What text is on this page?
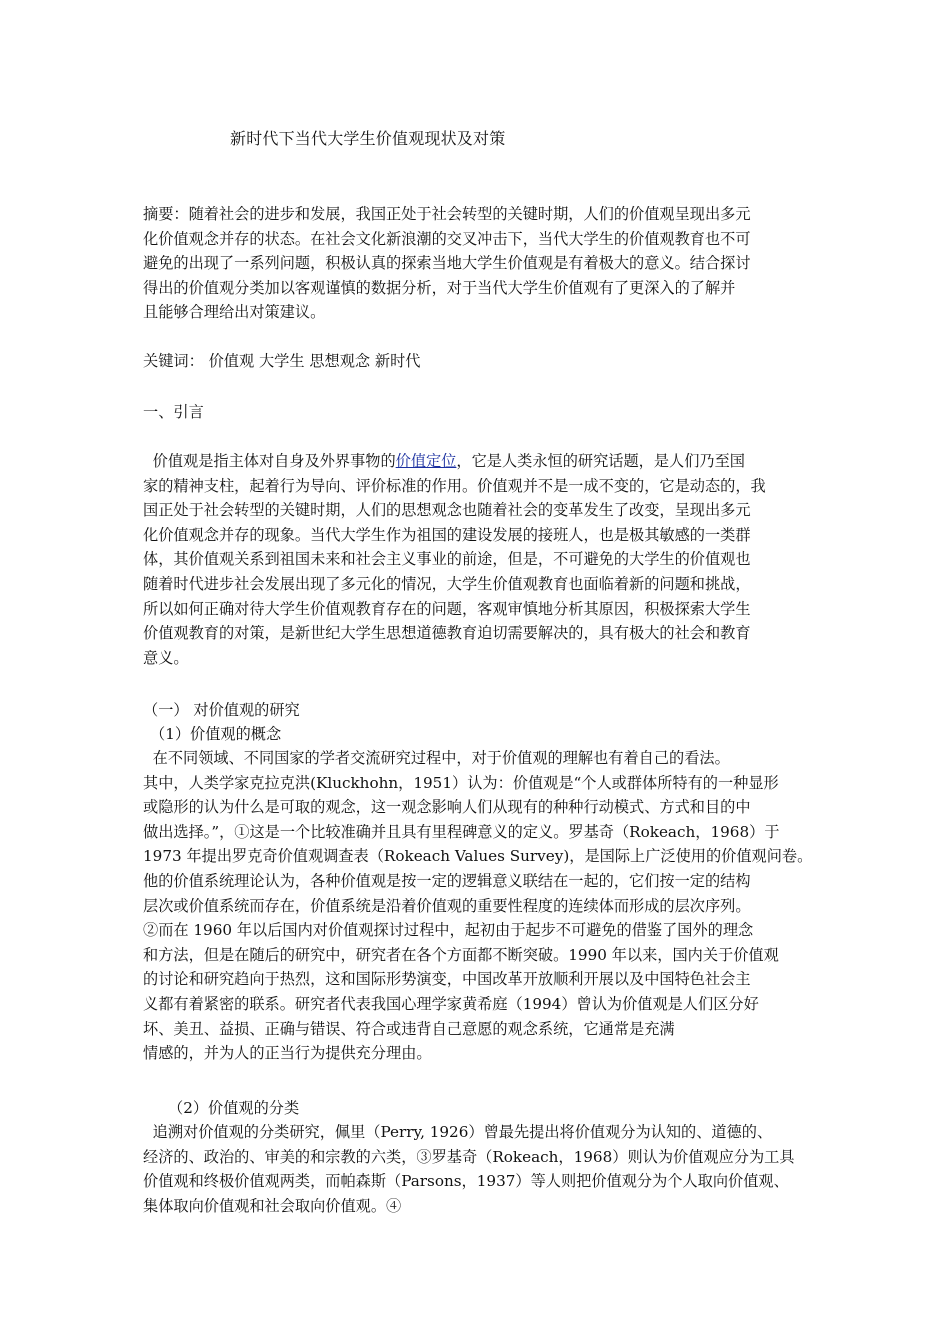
新时代下当代大学生价值观现状及对策
摘要：随着社会的进步和发展，我国正处于社会转型的关键时期，人们的价值观呈现出多元
化价值观念并存的状态。在社会文化新浪潮的交叉冲击下，当代大学生的价值观教育也不可
避免的出现了一系列问题，积极认真的探索当地大学生价值观是有着极大的意义。结合探讨
得出的价值观分类加以客观谨慎的数据分析，对于当代大学生价值观有了更深入的了解并
且能够合理给出对策建议。
关键词： 价值观 大学生 思想观念 新时代
一、引言
价值观是指主体对自身及外界事物的价值定位，它是人类永恒的研究话题，是人们乃至国
家的精神支柱，起着行为导向、评价标准的作用。价值观并不是一成不变的，它是动态的，我
国正处于社会转型的关键时期，人们的思想观念也随着社会的变革发生了改变，呈现出多元
化价值观念并存的现象。当代大学生作为祖国的建设发展的接班人，也是极其敏感的一类群
体，其价值观关系到祖国未来和社会主义事业的前途，但是，不可避免的大学生的价值观也
随着时代进步社会发展出现了多元化的情况，大学生价值观教育也面临着新的问题和挑战，
所以如何正确对待大学生价值观教育存在的问题，客观审慎地分析其原因，积极探索大学生
价值观教育的对策，是新世纪大学生思想道德教育迫切需要解决的，具有极大的社会和教育
意义。
（一） 对价值观的研究
（1）价值观的概念
在不同领域、不同国家的学者交流研究过程中，对于价值观的理解也有着自己的看法。
其中，人类学家克拉克洪(Kluckhohn，1951）认为：价值观是“个人或群体所特有的一种显形
或隐形的认为什么是可取的观念，这一观念影响人们从现有的种种行动模式、方式和目的中
做出选择。”，①这是一个比较准确并且具有里程碑意义的定义。罗基奇（Rokeach，1968）于
1973 年提出罗克奇价值观调查表（Rokeach Values Survey)，是国际上广泛使用的价值观问卷。
他的价值系统理论认为，各种价值观是按一定的逻辑意义联结在一起的，它们按一定的结构
层次或价值系统而存在，价值系统是沿着价值观的重要性程度的连续体而形成的层次序列。
②而在 1960 年以后国内对价值观探讨过程中，起初由于起步不可避免的借鉴了国外的理念
和方法，但是在随后的研究中，研究者在各个方面都不断突破。1990 年以来，国内关于价值观
的讨论和研究趋向于热烈，这和国际形势演变，中国改革开放顺利开展以及中国特色社会主
义都有着紧密的联系。研究者代表我国心理学家黄希庭（1994）曾认为价值观是人们区分好
坏、美丑、益损、正确与错误、符合或违背自己意愿的观念系统，它通常是充满
情感的，并为人的正当行为提供充分理由。
（2）价值观的分类
追溯对价值观的分类研究，佩里（Perry, 1926）曾最先提出将价值观分为认知的、道德的、
经济的、政治的、审美的和宗教的六类，③罗基奇（Rokeach，1968）则认为价值观应分为工具
价值观和终极价值观两类，而帕森斯（Parsons，1937）等人则把价值观分为个人取向价值观、
集体取向价值观和社会取向价值观。④
